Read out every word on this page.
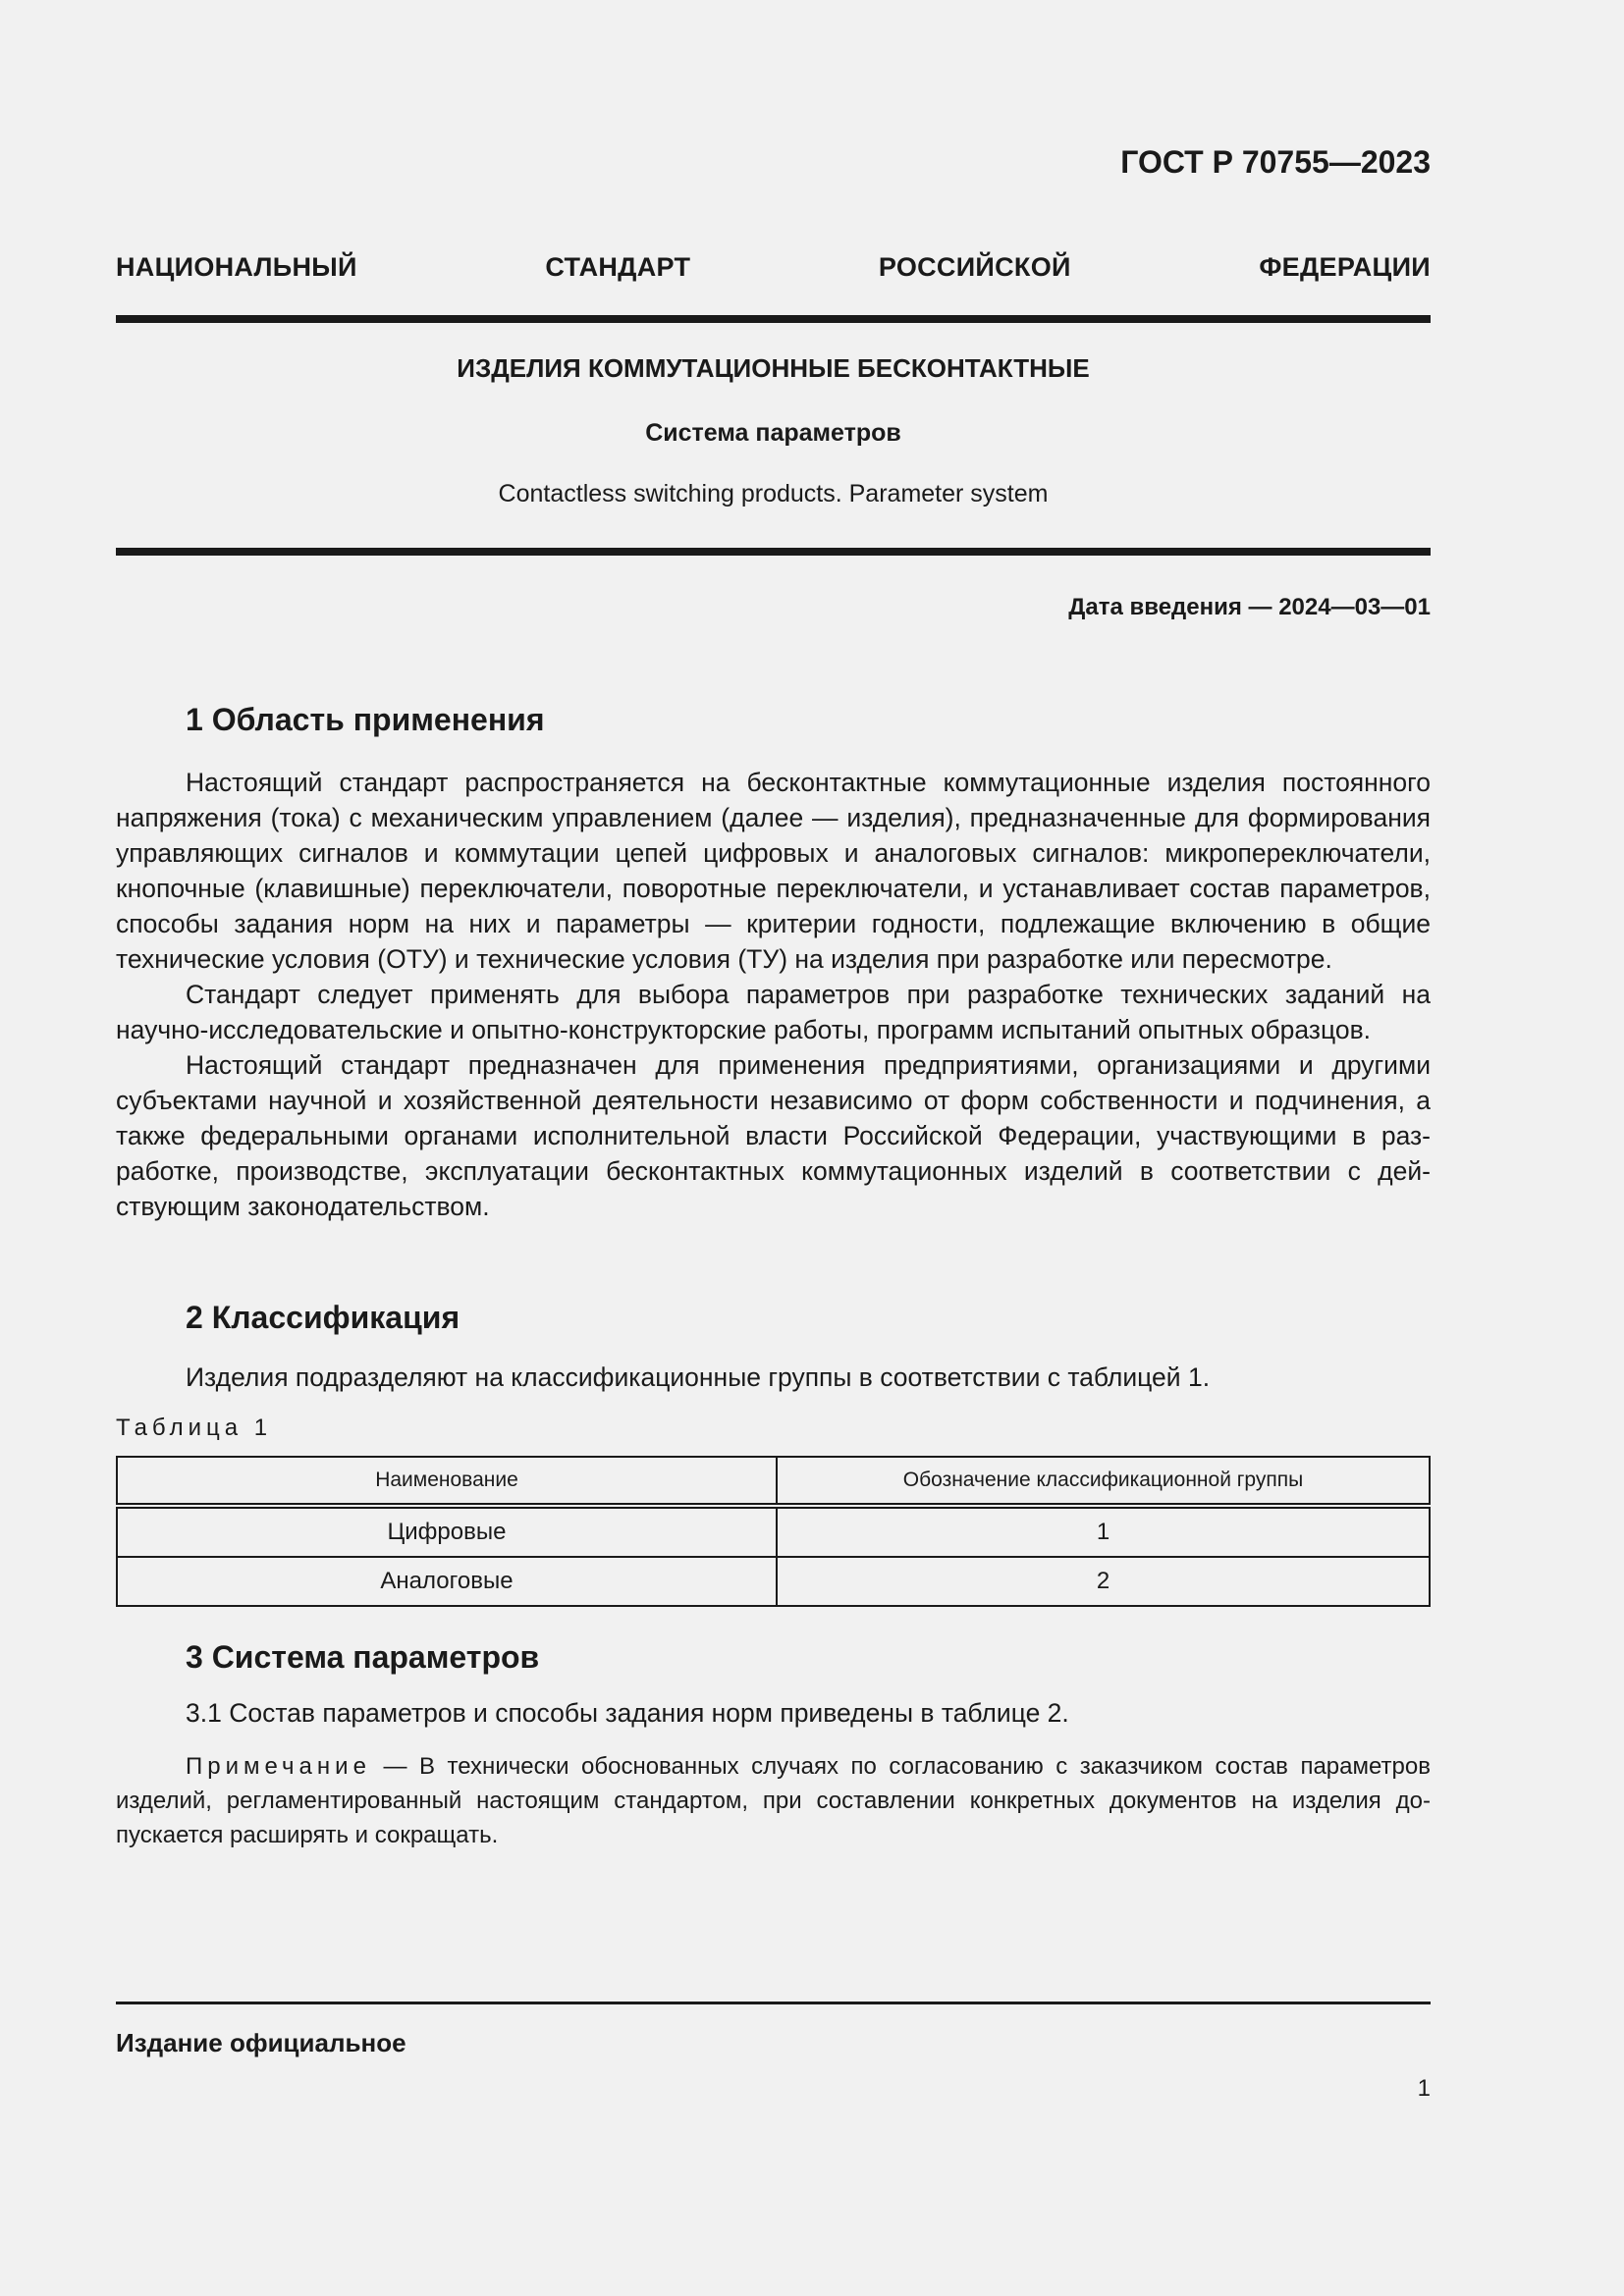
ГОСТ Р 70755—2023
НАЦИОНАЛЬНЫЙ СТАНДАРТ РОССИЙСКОЙ ФЕДЕРАЦИИ
ИЗДЕЛИЯ КОММУТАЦИОННЫЕ БЕСКОНТАКТНЫЕ
Система параметров
Contactless switching products. Parameter system
Дата введения — 2024—03—01
1 Область применения

Настоящий стандарт распространяется на бесконтактные коммутационные изделия постоянного напряжения (тока) с механическим управлением (далее — изделия), предназначенные для формирования управляющих сигналов и коммутации цепей цифровых и аналоговых сигналов: микропереключатели, кнопочные (клавишные) переключатели, поворотные переключатели, и устанавливает состав параметров, способы задания норм на них и параметры — критерии годности, подлежащие включению в общие технические условия (ОТУ) и технические условия (ТУ) на изделия при разработке или пересмотре.

Стандарт следует применять для выбора параметров при разработке технических заданий на научно-исследовательские и опытно-конструкторские работы, программ испытаний опытных образцов.

Настоящий стандарт предназначен для применения предприятиями, организациями и другими субъектами научной и хозяйственной деятельности независимо от форм собственности и подчинения, а также федеральными органами исполнительной власти Российской Федерации, участвующими в разработке, производстве, эксплуатации бесконтактных коммутационных изделий в соответствии с действующим законодательством.

2 Классификация

Изделия подразделяют на классификационные группы в соответствии с таблицей 1.

Таблица 1
Наименование	Обозначение классификационной группы
Цифровые	1
Аналоговые	2
3 Система параметров
3.1 Состав параметров и способы задания норм приведены в таблице 2.

Примечание — В технически обоснованных случаях по согласованию с заказчиком состав параметров изделий, регламентированный настоящим стандартом, при составлении конкретных документов на изделия допускается расширять и сокращать.

Издание официальное
1
